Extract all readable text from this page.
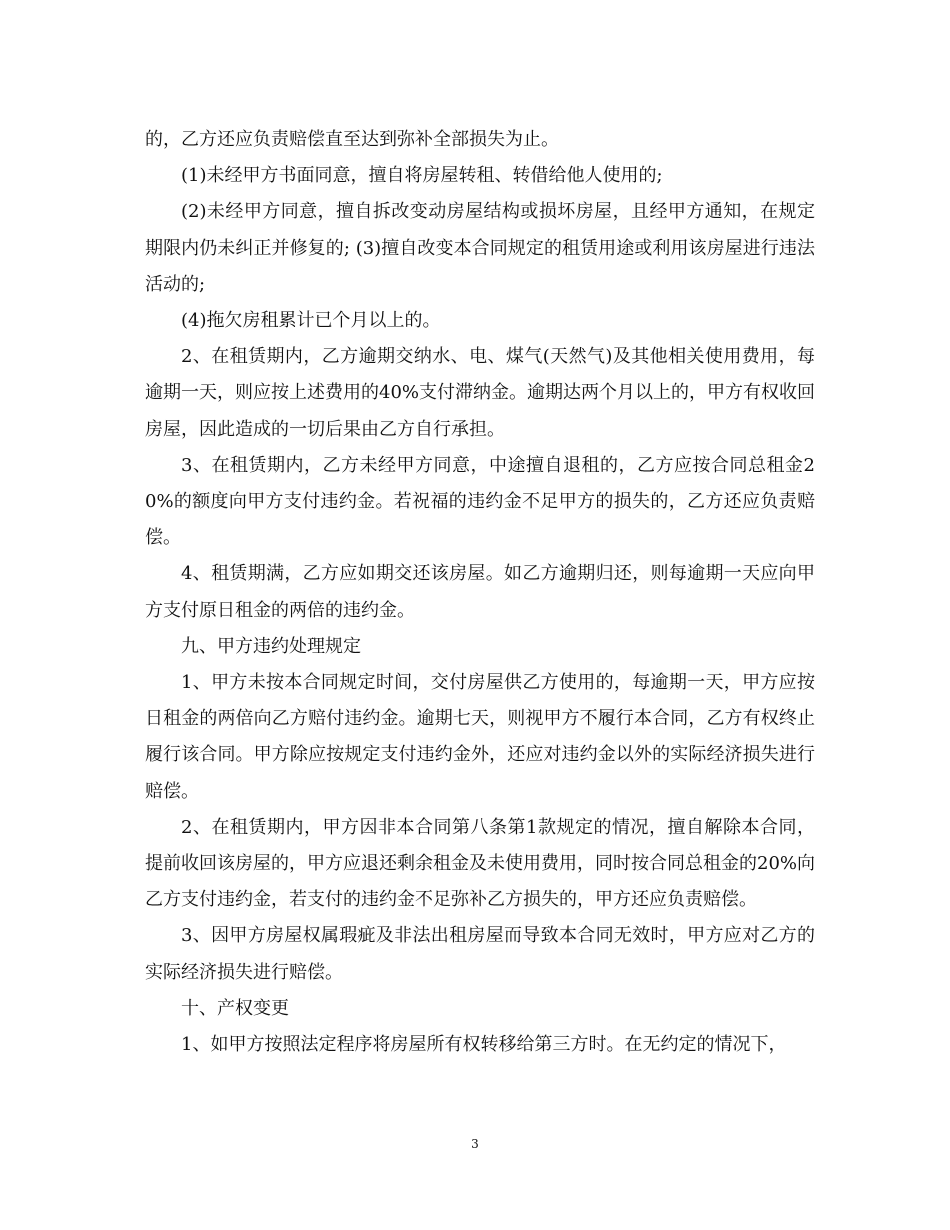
的，乙方还应负责赔偿直至达到弥补全部损失为止。

(1)未经甲方书面同意，擅自将房屋转租、转借给他人使用的;

(2)未经甲方同意，擅自拆改变动房屋结构或损坏房屋，且经甲方通知，在规定期限内仍未纠正并修复的; (3)擅自改变本合同规定的租赁用途或利用该房屋进行违法活动的;

(4)拖欠房租累计已个月以上的。

2、在租赁期内，乙方逾期交纳水、电、煤气(天然气)及其他相关使用费用，每逾期一天，则应按上述费用的40%支付滞纳金。逾期达两个月以上的，甲方有权收回房屋，因此造成的一切后果由乙方自行承担。

3、在租赁期内，乙方未经甲方同意，中途擅自退租的，乙方应按合同总租金20%的额度向甲方支付违约金。若祝福的违约金不足甲方的损失的，乙方还应负责赔偿。

4、租赁期满，乙方应如期交还该房屋。如乙方逾期归还，则每逾期一天应向甲方支付原日租金的两倍的违约金。

九、甲方违约处理规定

1、甲方未按本合同规定时间，交付房屋供乙方使用的，每逾期一天，甲方应按日租金的两倍向乙方赔付违约金。逾期七天，则视甲方不履行本合同，乙方有权终止履行该合同。甲方除应按规定支付违约金外，还应对违约金以外的实际经济损失进行赔偿。

2、在租赁期内，甲方因非本合同第八条第1款规定的情况，擅自解除本合同，提前收回该房屋的，甲方应退还剩余租金及未使用费用，同时按合同总租金的20%向乙方支付违约金，若支付的违约金不足弥补乙方损失的，甲方还应负责赔偿。

3、因甲方房屋权属瑕疵及非法出租房屋而导致本合同无效时，甲方应对乙方的实际经济损失进行赔偿。

十、产权变更

1、如甲方按照法定程序将房屋所有权转移给第三方时。在无约定的情况下，

3
